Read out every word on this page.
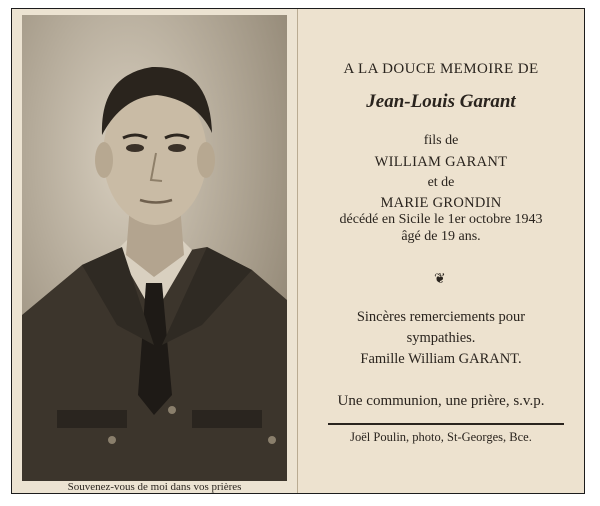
Souvenez-vous de moi dans vos prières
A LA DOUCE MEMOIRE DE
Jean-Louis Garant
fils de
WILLIAM GARANT
et de
MARIE GRONDIN
décédé en Sicile le 1er octobre 1943
âgé de 19 ans.
❦
Sincères remerciements pour
sympathies.
Famille William GARANT.
Une communion, une prière, s.v.p.
Joël Poulin, photo, St-Georges, Bce.
